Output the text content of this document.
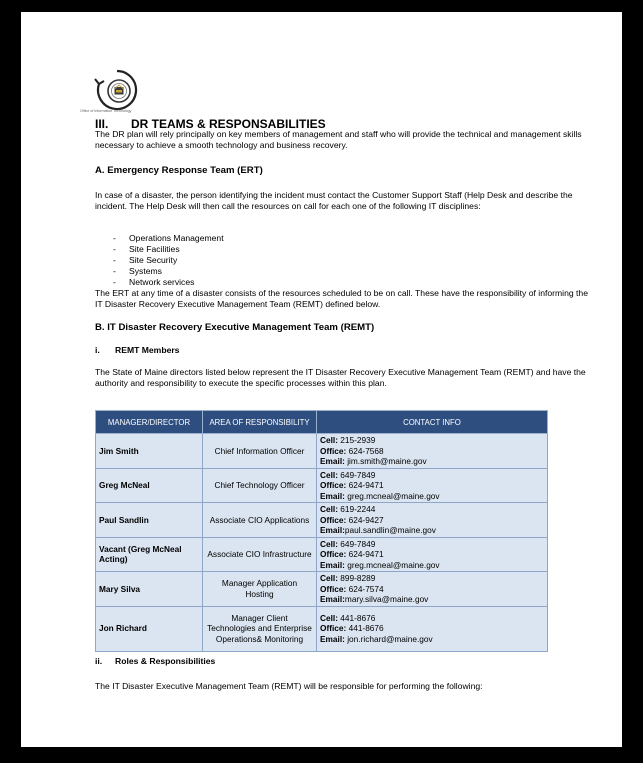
Office of Information Technology
III. DR TEAMS & RESPONSABILITIES
The DR plan will rely principally on key members of management and staff who will provide the technical and management skills necessary to achieve a smooth technology and business recovery.
A. Emergency Response Team (ERT)
In case of a disaster, the person identifying the incident must contact the Customer Support Staff (Help Desk and describe the incident. The Help Desk will then call the resources on call for each one of the following IT disciplines:
- Operations Management
- Site Facilities
- Site Security
- Systems
- Network services
The ERT at any time of a disaster consists of the resources scheduled to be on call. These have the responsibility of informing the IT Disaster Recovery Executive Management Team (REMT) defined below.
B. IT Disaster Recovery Executive Management Team (REMT)
i. REMT Members
The State of Maine directors listed below represent the IT Disaster Recovery Executive Management Team (REMT) and have the authority and responsibility to execute the specific processes within this plan.
MANAGER/DIRECTOR	AREA OF RESPONSIBILITY	CONTACT INFO
Jim Smith	Chief Information Officer	Cell: 215-2939
Office: 624-7568
Email: jim.smith@maine.gov

Greg McNeal	Chief Technology Officer	Cell: 649-7849
Office: 624-9471
Email: greg.mcneal@maine.gov

Paul Sandlin	Associate CIO Applications	Cell: 619-2244
Office: 624-9427
Email:paul.sandlin@maine.gov

Vacant (Greg McNeal Acting)	Associate CIO Infrastructure	Cell: 649-7849
Office: 624-9471
Email: greg.mcneal@maine.gov

Mary Silva	Manager Application Hosting	Cell: 899-8289
Office: 624-7574
Email:mary.silva@maine.gov

Jon Richard	Manager Client Technologies and Enterprise Operations& Monitoring	Cell: 441-8676
Office: 441-8676
Email: jon.richard@maine.gov
ii. Roles & Responsibilities
The IT Disaster Executive Management Team (REMT) will be responsible for performing the following:
